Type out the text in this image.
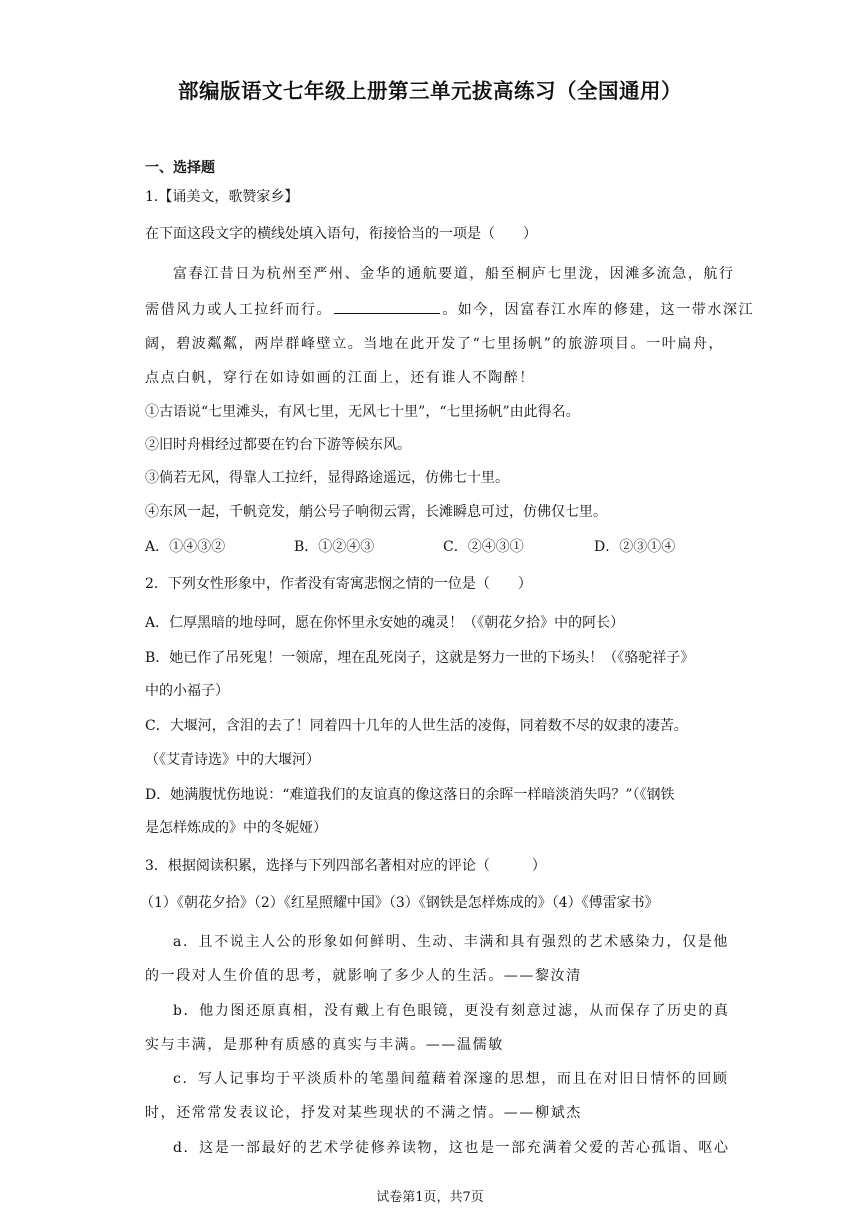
部编版语文七年级上册第三单元拔高练习（全国通用）
一、选择题
1.【诵美文，歌赞家乡】
在下面这段文字的横线处填入语句，衔接恰当的一项是（　　）
富春江昔日为杭州至严州、金华的通航要道，船至桐庐七里泷，因滩多流急，航行
需借风力或人工拉纤而行。	。如今，因富春江水库的修建，这一带水深江
阔，碧波粼粼，两岸群峰壁立。当地在此开发了“七里扬帆”的旅游项目。一叶扁舟，
点点白帆，穿行在如诗如画的江面上，还有谁人不陶醉！
①古语说“七里滩头，有风七里，无风七十里”，“七里扬帆”由此得名。
②旧时舟楫经过都要在钓台下游等候东风。
③倘若无风，得靠人工拉纤，显得路途遥远，仿佛七十里。
④东风一起，千帆竞发，艄公号子响彻云霄，长滩瞬息可过，仿佛仅七里。
A．①④③②	B．①②④③	C．②④③①	D．②③①④
2．下列女性形象中，作者没有寄寓悲悯之情的一位是（　　）
A．仁厚黑暗的地母呵，愿在你怀里永安她的魂灵！（《朝花夕拾》中的阿长）
B．她已作了吊死鬼！一领席，埋在乱死岗子，这就是努力一世的下场头！（《骆驼祥子》
中的小福子）
C．大堰河，含泪的去了！同着四十几年的人世生活的凌侮，同着数不尽的奴隶的凄苦。
（《艾青诗选》中的大堰河）
D．她满腹忧伤地说：“难道我们的友谊真的像这落日的余晖一样暗淡消失吗？”（《钢铁
是怎样炼成的》中的冬妮娅）
3．根据阅读积累，选择与下列四部名著相对应的评论（　　　）
（1）《朝花夕拾》（2）《红星照耀中国》（3）《钢铁是怎样炼成的》（4）《傅雷家书》
a．且不说主人公的形象如何鲜明、生动、丰满和具有强烈的艺术感染力，仅是他
的一段对人生价值的思考，就影响了多少人的生活。——黎汝清
b．他力图还原真相，没有戴上有色眼镜，更没有刻意过滤，从而保存了历史的真
实与丰满，是那种有质感的真实与丰满。——温儒敏
c．写人记事均于平淡质朴的笔墨间蕴藉着深邃的思想，而且在对旧日情怀的回顾
时，还常常发表议论，抒发对某些现状的不满之情。——柳斌杰
d．这是一部最好的艺术学徒修养读物，这也是一部充满着父爱的苦心孤诣、呕心
试卷第1页，共7页
